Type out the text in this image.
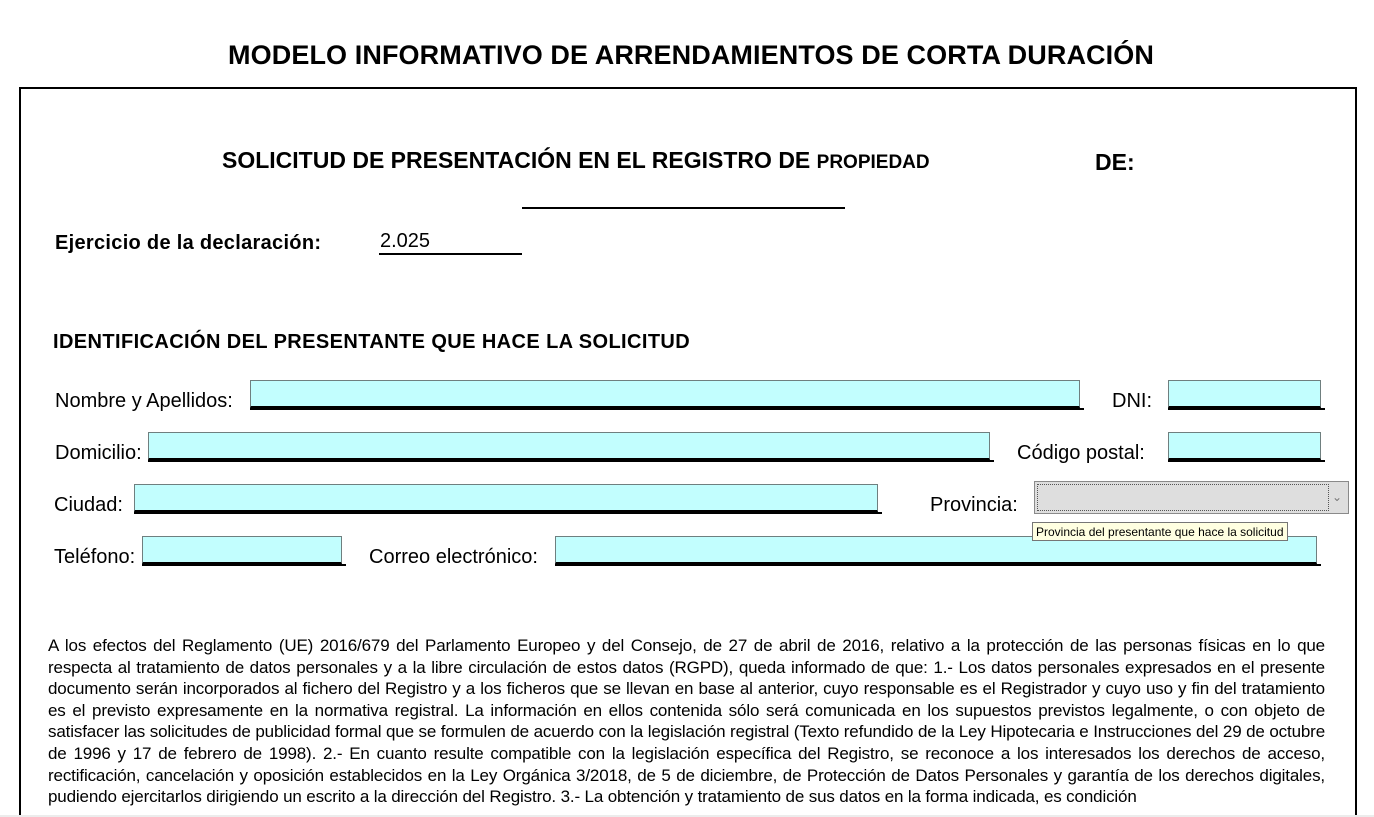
MODELO INFORMATIVO DE ARRENDAMIENTOS DE CORTA DURACIÓN
SOLICITUD DE PRESENTACIÓN EN EL REGISTRO DE PROPIEDAD	DE:
Ejercicio de la declaración:	2.025
IDENTIFICACIÓN DEL PRESENTANTE QUE HACE LA SOLICITUD
Nombre y Apellidos:	DNI:
Domicilio:	Código postal:
Ciudad:	Provincia:	⌄
Provincia del presentante que hace la solicitud
Teléfono:	Correo electrónico:

A los efectos del Reglamento (UE) 2016/679 del Parlamento Europeo y del Consejo, de 27 de abril de 2016, relativo a la protección de las personas físicas en lo que respecta al tratamiento de datos personales y a la libre circulación de estos datos (RGPD), queda informado de que: 1.- Los datos personales expresados en el presente documento serán incorporados al fichero del Registro y a los ficheros que se llevan en base al anterior, cuyo responsable es el Registrador y cuyo uso y fin del tratamiento es el previsto expresamente en la normativa registral. La información en ellos contenida sólo será comunicada en los supuestos previstos legalmente, o con objeto de satisfacer las solicitudes de publicidad formal que se formulen de acuerdo con la legislación registral (Texto refundido de la Ley Hipotecaria e Instrucciones del 29 de octubre de 1996 y 17 de febrero de 1998). 2.- En cuanto resulte compatible con la legislación específica del Registro, se reconoce a los interesados los derechos de acceso, rectificación, cancelación y oposición establecidos en la Ley Orgánica 3/2018, de 5 de diciembre, de Protección de Datos Personales y garantía de los derechos digitales, pudiendo ejercitarlos dirigiendo un escrito a la dirección del Registro. 3.- La obtención y tratamiento de sus datos en la forma indicada, es condición
